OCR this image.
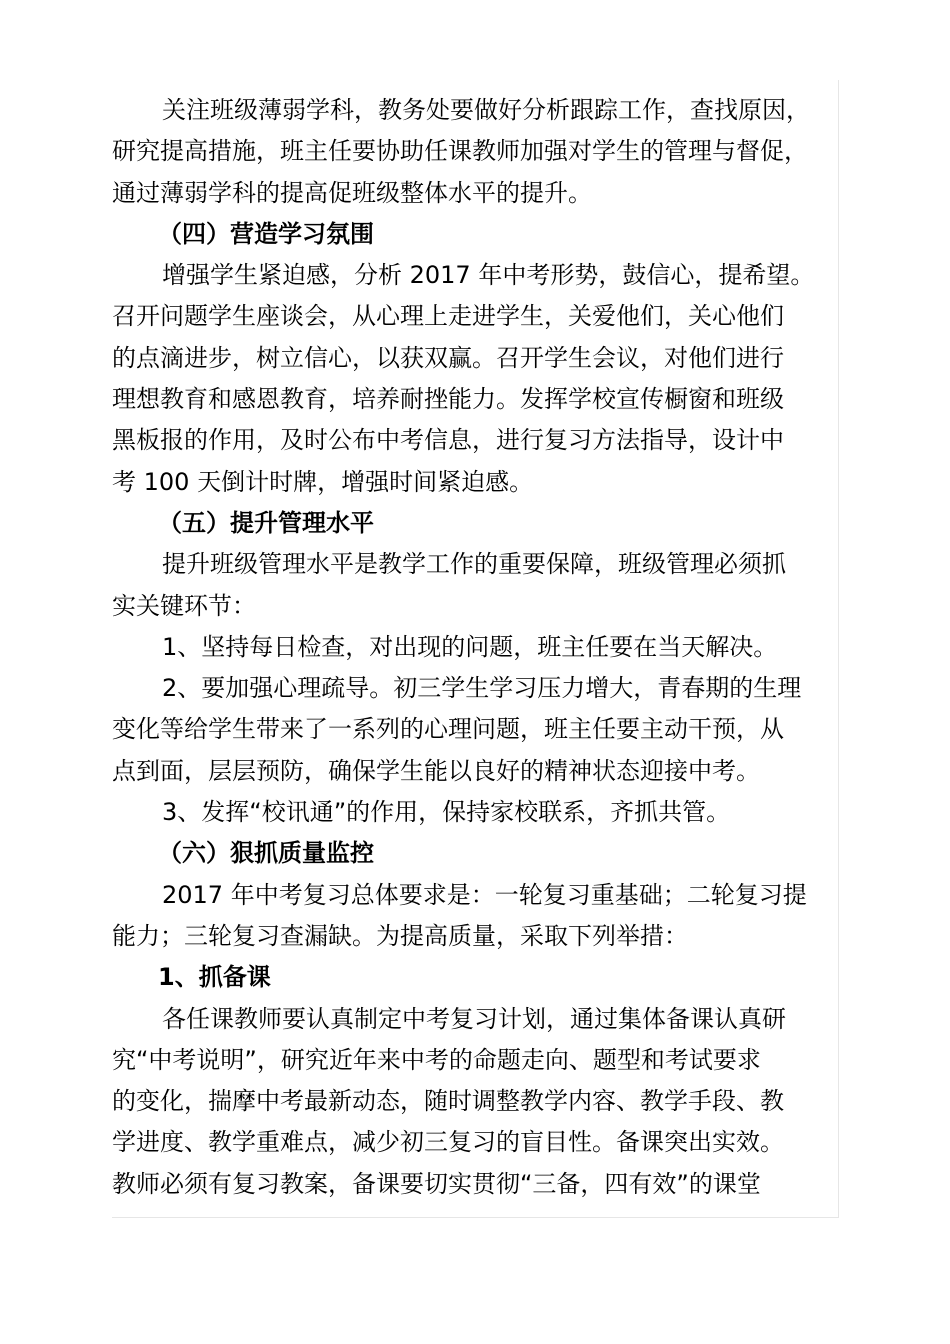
关注班级薄弱学科，教务处要做好分析跟踪工作，查找原因，
研究提高措施，班主任要协助任课教师加强对学生的管理与督促，
通过薄弱学科的提高促班级整体水平的提升。

（四）营造学习氛围

增强学生紧迫感，分析 2017 年中考形势，鼓信心，提希望。
召开问题学生座谈会，从心理上走进学生，关爱他们，关心他们
的点滴进步，树立信心，以获双赢。召开学生会议，对他们进行
理想教育和感恩教育，培养耐挫能力。发挥学校宣传橱窗和班级
黑板报的作用，及时公布中考信息，进行复习方法指导，设计中
考 100 天倒计时牌，增强时间紧迫感。

（五）提升管理水平

提升班级管理水平是教学工作的重要保障，班级管理必须抓
实关键环节：

1、坚持每日检查，对出现的问题，班主任要在当天解决。

2、要加强心理疏导。初三学生学习压力增大，青春期的生理
变化等给学生带来了一系列的心理问题，班主任要主动干预，从
点到面，层层预防，确保学生能以良好的精神状态迎接中考。

3、发挥“校讯通”的作用，保持家校联系，齐抓共管。

（六）狠抓质量监控

2017 年中考复习总体要求是：一轮复习重基础；二轮复习提
能力；三轮复习查漏缺。为提高质量，采取下列举措：

1、抓备课

各任课教师要认真制定中考复习计划，通过集体备课认真研
究“中考说明”，研究近年来中考的命题走向、题型和考试要求
的变化，揣摩中考最新动态，随时调整教学内容、教学手段、教
学进度、教学重难点，减少初三复习的盲目性。备课突出实效。
教师必须有复习教案，备课要切实贯彻“三备，四有效”的课堂
